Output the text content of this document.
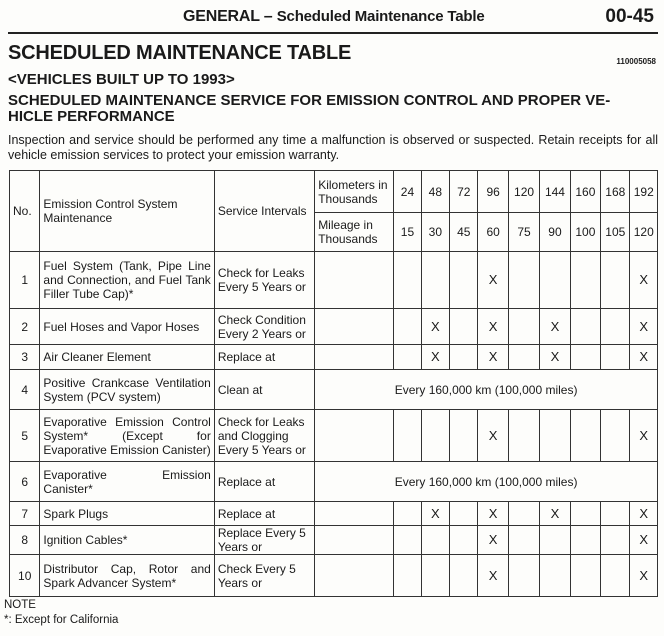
GENERAL – Scheduled Maintenance Table	00-45
SCHEDULED MAINTENANCE TABLE	110005058
<VEHICLES BUILT UP TO 1993>
SCHEDULED MAINTENANCE SERVICE FOR EMISSION CONTROL AND PROPER VE-
HICLE PERFORMANCE
Inspection and service should be performed any time a malfunction is observed or suspected. Retain receipts for all vehicle emission services to protect your emission warranty.
No.	Emission Control System Maintenance	Service Intervals	Kilometers in Thousands	24	48	72	96	120	144	160	168	192
			Mileage in Thousands	15	30	45	60	75	90	100	105	120
1	Fuel System (Tank, Pipe Line and Connection, and Fuel Tank Filler Tube Cap)*	Check for Leaks Every 5 Years or					X					X
2	Fuel Hoses and Vapor Hoses	Check Condition Every 2 Years or			X		X		X			X
3	Air Cleaner Element	Replace at			X		X		X			X
4	Positive Crankcase Ventilation System (PCV system)	Clean at	Every 160,000 km (100,000 miles)									
5	Evaporative Emission Control System* (Except for Evaporative Emission Canister)	Check for Leaks and Clogging Every 5 Years or					X					X
6	Evaporative Emission Canister*	Replace at	Every 160,000 km (100,000 miles)									
7	Spark Plugs	Replace at			X		X		X			X
8	Ignition Cables*	Replace Every 5 Years or					X					X
10	Distributor Cap, Rotor and Spark Advancer System*	Check Every 5 Years or					X					X
NOTE
*: Except for California
